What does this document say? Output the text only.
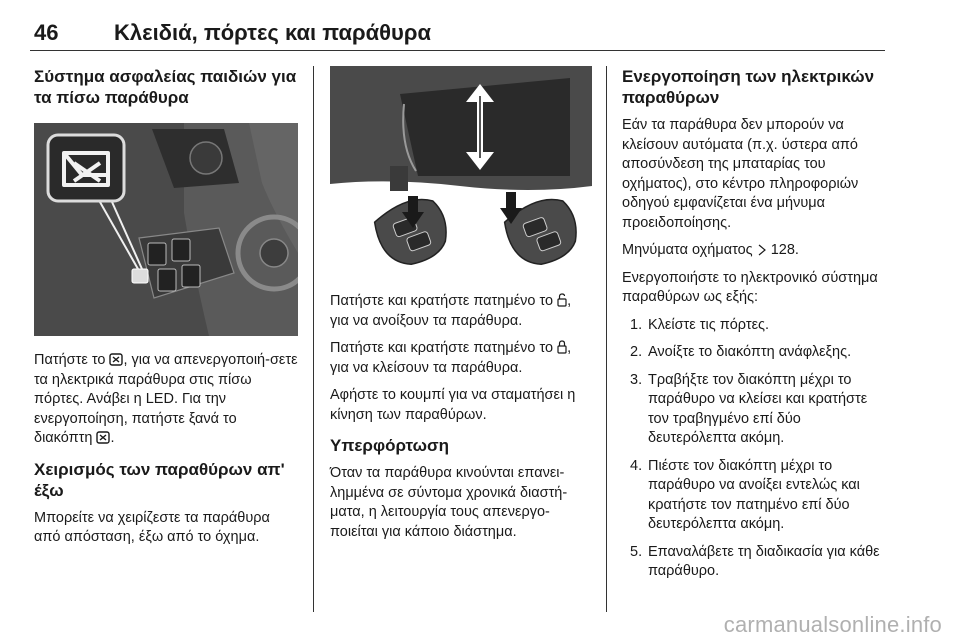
46	Κλειδιά, πόρτες και παράθυρα
Σύστημα ασφαλείας παιδιών για τα πίσω παράθυρα

Πατήστε το , για να απενεργοποιή-σετε τα ηλεκτρικά παράθυρα στις πίσω πόρτες. Ανάβει η LED. Για την ενεργοποίηση, πατήστε ξανά το διακόπτη .

Χειρισμός των παραθύρων απ' έξω

Μπορείτε να χειρίζεστε τα παράθυρα από απόσταση, έξω από το όχημα.

Πατήστε και κρατήστε πατημένο το , για να ανοίξουν τα παράθυρα.

Πατήστε και κρατήστε πατημένο το , για να κλείσουν τα παράθυρα.

Αφήστε το κουμπί για να σταματήσει η κίνηση των παραθύρων.

Υπερφόρτωση

Όταν τα παράθυρα κινούνται επανει-λημμένα σε σύντομα χρονικά διαστή-ματα, η λειτουργία τους απενεργο-ποιείται για κάποιο διάστημα.

Ενεργοποίηση των ηλεκτρικών παραθύρων

Εάν τα παράθυρα δεν μπορούν να κλείσουν αυτόματα (π.χ. ύστερα από αποσύνδεση της μπαταρίας του οχήματος), στο κέντρο πληροφοριών οδηγού εμφανίζεται ένα μήνυμα προειδοποίησης.

Μηνύματα οχήματος 128.

Ενεργοποιήστε το ηλεκτρονικό σύστημα παραθύρων ως εξής:

1. Κλείστε τις πόρτες.
2. Ανοίξτε το διακόπτη ανάφλεξης.
3. Τραβήξτε τον διακόπτη μέχρι το παράθυρο να κλείσει και κρατήστε τον τραβηγμένο επί δύο δευτερόλεπτα ακόμη.
4. Πιέστε τον διακόπτη μέχρι το παράθυρο να ανοίξει εντελώς και κρατήστε τον πατημένο επί δύο δευτερόλεπτα ακόμη.
5. Επαναλάβετε τη διαδικασία για κάθε παράθυρο.
carmanualsonline.info
